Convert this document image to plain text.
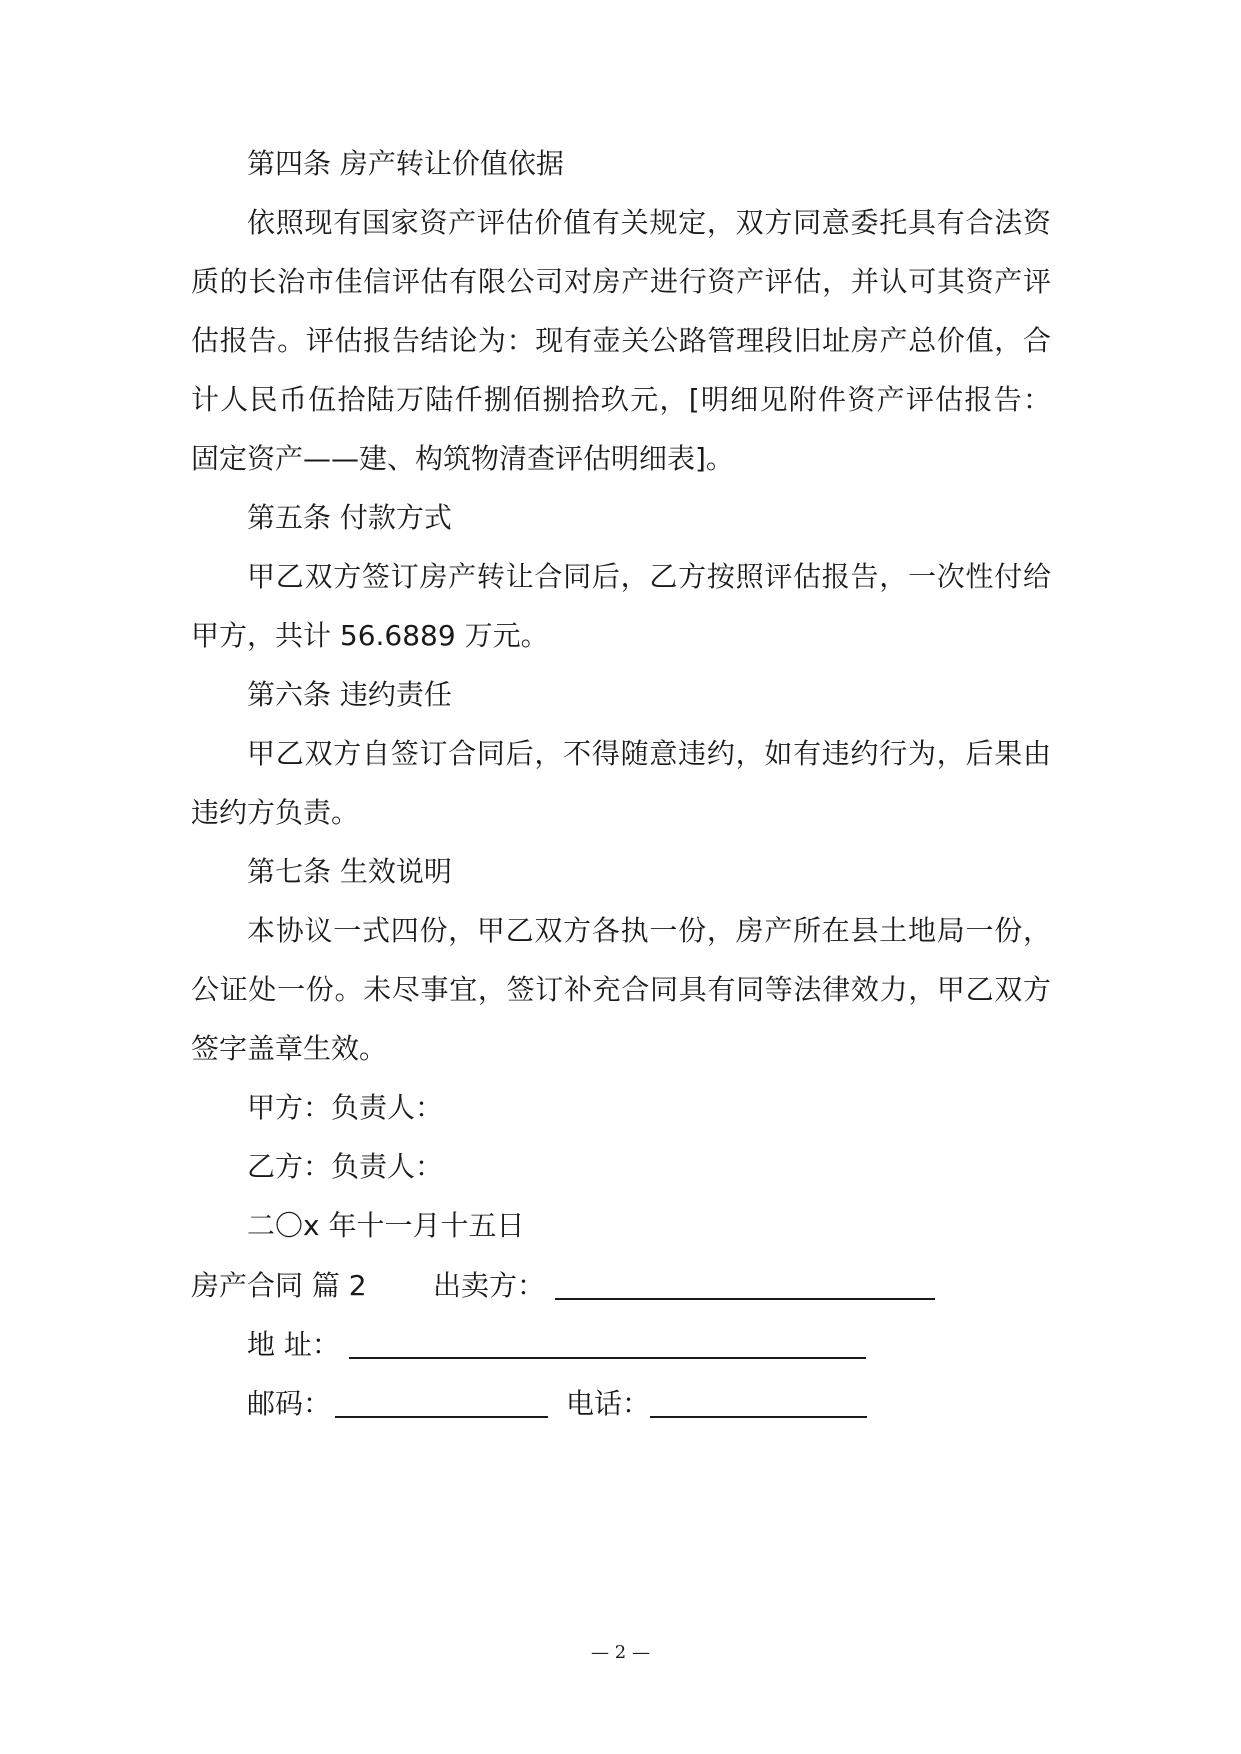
第四条 房产转让价值依据
依照现有国家资产评估价值有关规定，双方同意委托具有合法资
质的长治市佳信评估有限公司对房产进行资产评估，并认可其资产评
估报告。评估报告结论为：现有壶关公路管理段旧址房产总价值，合
计人民币伍拾陆万陆仟捌佰捌拾玖元，[明细见附件资产评估报告：
固定资产——建、构筑物清查评估明细表]。
第五条 付款方式
甲乙双方签订房产转让合同后，乙方按照评估报告，一次性付给
甲方，共计 56.6889 万元。
第六条 违约责任
甲乙双方自签订合同后，不得随意违约，如有违约行为，后果由
违约方负责。
第七条 生效说明
本协议一式四份，甲乙双方各执一份，房产所在县土地局一份，
公证处一份。未尽事宜，签订补充合同具有同等法律效力，甲乙双方
签字盖章生效。
甲方：负责人：
乙方：负责人：
二〇x 年十一月十五日
房产合同 篇 2 出卖方：
地 址：
邮码：	电话：
— 2 —
